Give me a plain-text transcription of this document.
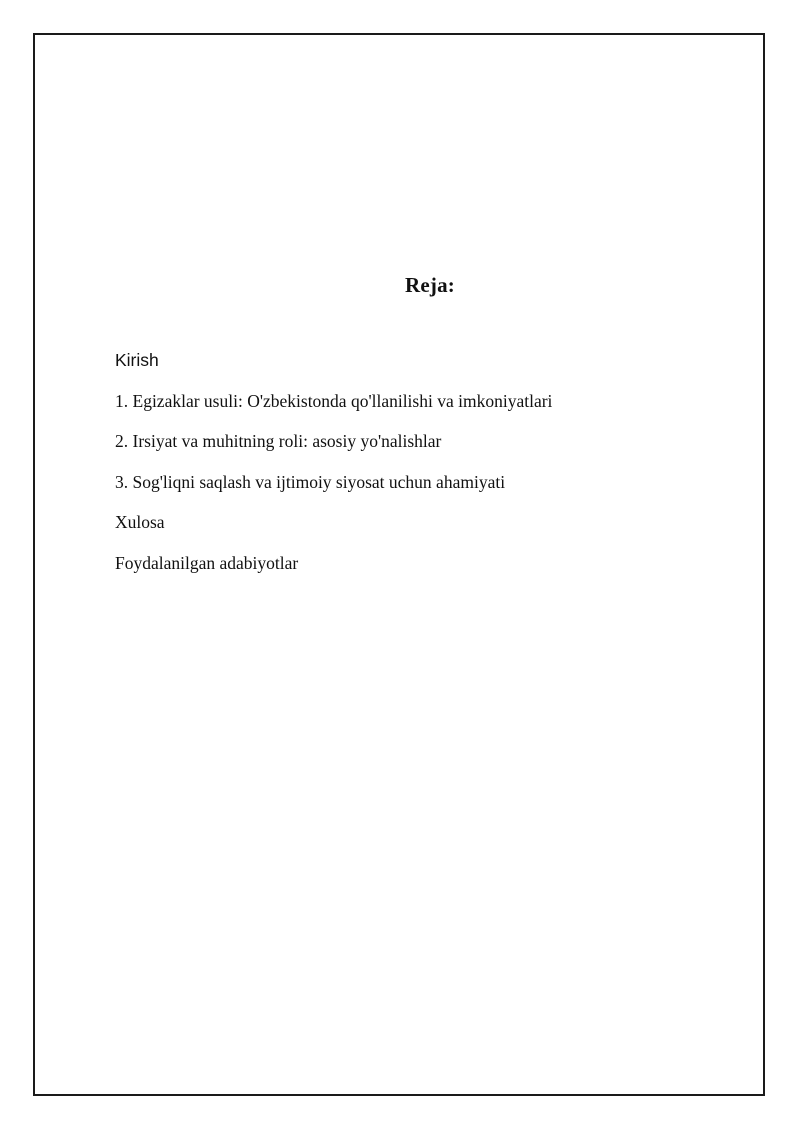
Reja:
Kirish
1. Egizaklar usuli: O'zbekistonda qo'llanilishi va imkoniyatlari
2. Irsiyat va muhitning roli: asosiy yo'nalishlar
3. Sog'liqni saqlash va ijtimoiy siyosat uchun ahamiyati
Xulosa
Foydalanilgan adabiyotlar
